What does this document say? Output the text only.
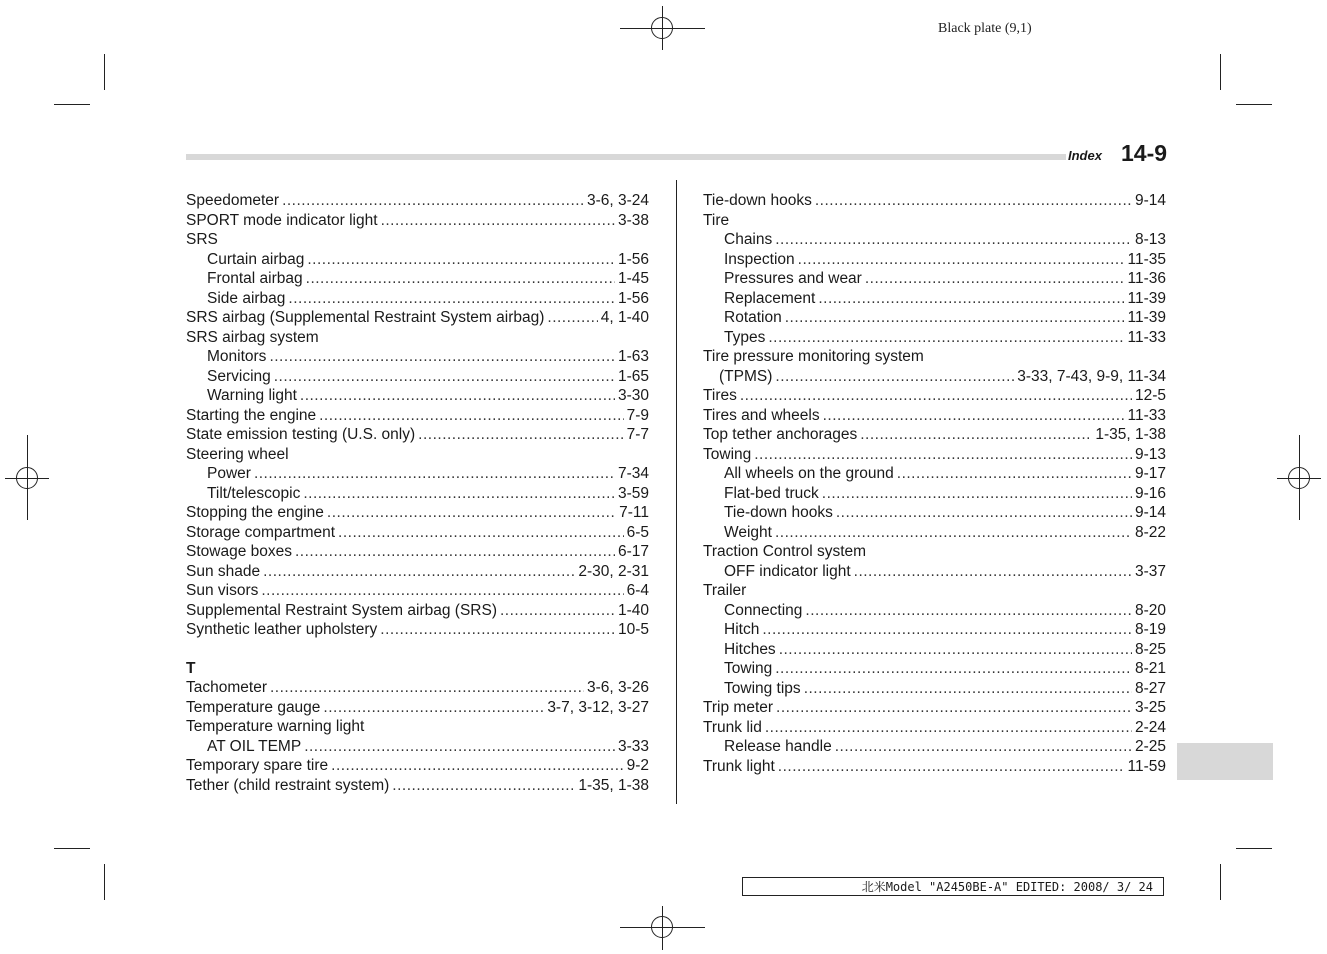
Black plate (9,1)
Index 14-9
Speedometer .....	3-6, 3-24
SPORT mode indicator light .....	3-38
SRS
Curtain airbag .....	1-56
Frontal airbag .....	1-45
Side airbag .....	1-56
SRS airbag (Supplemental Restraint System airbag) .....	4, 1-40
SRS airbag system
Monitors .....	1-63
Servicing .....	1-65
Warning light .....	3-30
Starting the engine .....	7-9
State emission testing (U.S. only) .....	7-7
Steering wheel
Power .....	7-34
Tilt/telescopic .....	3-59
Stopping the engine .....	7-11
Storage compartment .....	6-5
Stowage boxes .....	6-17
Sun shade .....	2-30, 2-31
Sun visors .....	6-4
Supplemental Restraint System airbag (SRS) .....	1-40
Synthetic leather upholstery .....	10-5
T
Tachometer .....	3-6, 3-26
Temperature gauge .....	3-7, 3-12, 3-27
Temperature warning light
AT OIL TEMP .....	3-33
Temporary spare tire .....	9-2
Tether (child restraint system) .....	1-35, 1-38
Tie-down hooks .....	9-14
Tire
Chains .....	8-13
Inspection .....	11-35
Pressures and wear .....	11-36
Replacement .....	11-39
Rotation .....	11-39
Types .....	11-33
Tire pressure monitoring system
(TPMS) .....	3-33, 7-43, 9-9, 11-34
Tires .....	12-5
Tires and wheels .....	11-33
Top tether anchorages .....	1-35, 1-38
Towing .....	9-13
All wheels on the ground .....	9-17
Flat-bed truck .....	9-16
Tie-down hooks .....	9-14
Weight .....	8-22
Traction Control system
OFF indicator light .....	3-37
Trailer
Connecting .....	8-20
Hitch .....	8-19
Hitches .....	8-25
Towing .....	8-21
Towing tips .....	8-27
Trip meter .....	3-25
Trunk lid .....	2-24
Release handle .....	2-25
Trunk light .....	11-59
北米Model "A2450BE-A" EDITED: 2008/ 3/ 24
